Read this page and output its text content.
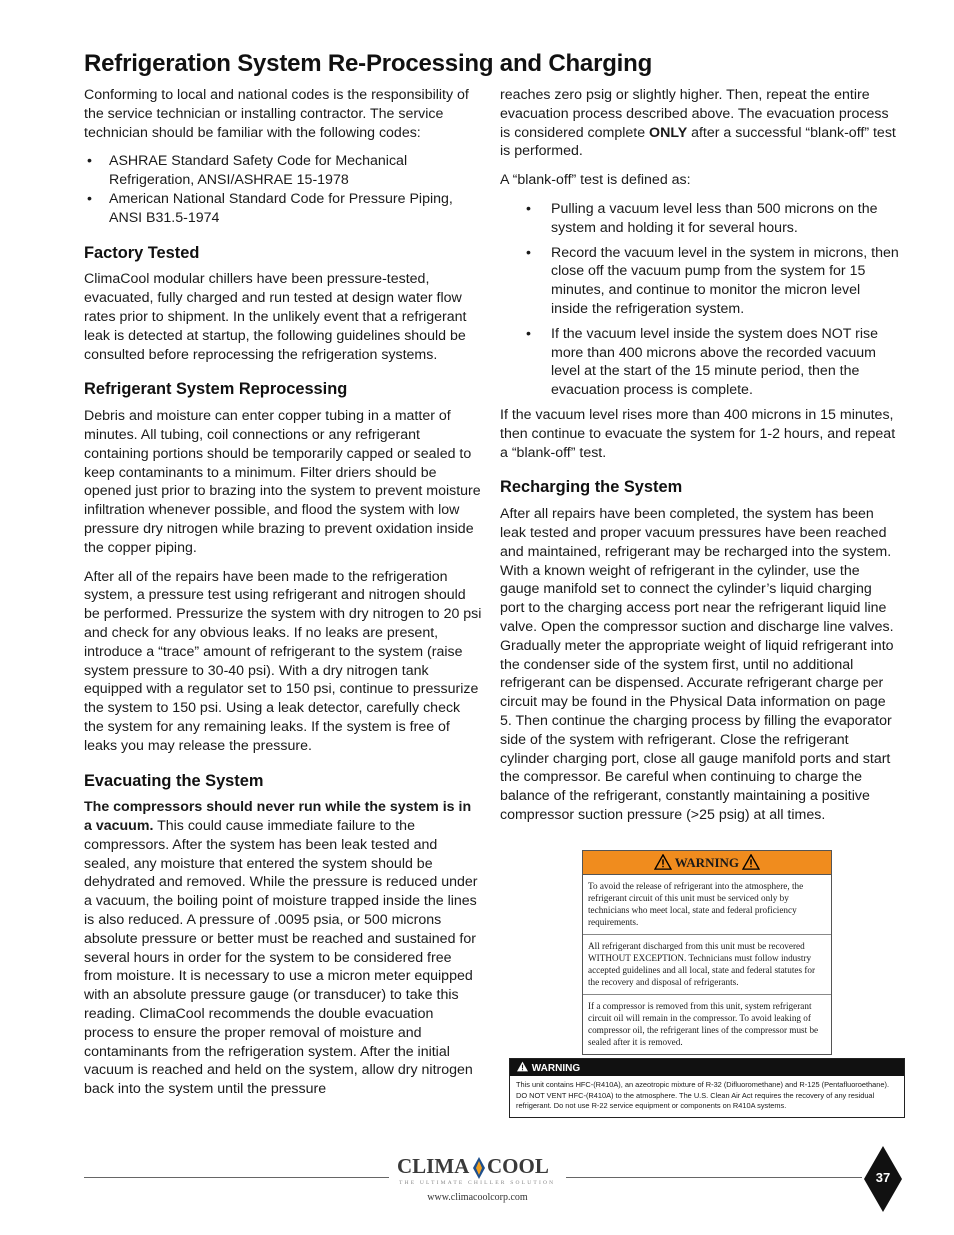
Refrigeration System Re-Processing and Charging

Conforming to local and national codes is the responsibility of the service technician or installing contractor. The service technician should be familiar with the following codes:

• ASHRAE Standard Safety Code for Mechanical Refrigeration, ANSI/ASHRAE 15-1978
• American National Standard Code for Pressure Piping, ANSI B31.5-1974
Factory Tested

ClimaCool modular chillers have been pressure-tested, evacuated, fully charged and run tested at design water flow rates prior to shipment. In the unlikely event that a refrigerant leak is detected at startup, the following guidelines should be consulted before reprocessing the refrigeration systems.

Refrigerant System Reprocessing

Debris and moisture can enter copper tubing in a matter of minutes. All tubing, coil connections or any refrigerant containing portions should be temporarily capped or sealed to keep contaminants to a minimum. Filter driers should be opened just prior to brazing into the system to prevent moisture infiltration whenever possible, and flood the system with low pressure dry nitrogen while brazing to prevent oxidation inside the copper piping.

After all of the repairs have been made to the refrigeration system, a pressure test using refrigerant and nitrogen should be performed. Pressurize the system with dry nitrogen to 20 psi and check for any obvious leaks. If no leaks are present, introduce a “trace” amount of refrigerant to the system (raise system pressure to 30-40 psi). With a dry nitrogen tank equipped with a regulator set to 150 psi, continue to pressurize the system to 150 psi. Using a leak detector, carefully check the system for any remaining leaks. If the system is free of leaks you may release the pressure.

Evacuating the System

The compressors should never run while the system is in a vacuum. This could cause immediate failure to the compressors. After the system has been leak tested and sealed, any moisture that entered the system should be dehydrated and removed. While the pressure is reduced under a vacuum, the boiling point of moisture trapped inside the lines is also reduced. A pressure of .0095 psia, or 500 microns absolute pressure or better must be reached and sustained for several hours in order for the system to be considered free from moisture. It is necessary to use a micron meter equipped with an absolute pressure gauge (or transducer) to take this reading. ClimaCool recommends the double evacuation process to ensure the proper removal of moisture and contaminants from the refrigeration system. After the initial vacuum is reached and held on the system, allow dry nitrogen back into the system until the pressure

reaches zero psig or slightly higher. Then, repeat the entire evacuation process described above. The evacuation process is considered complete ONLY after a successful “blank-off” test is performed.

A “blank-off” test is defined as:

• Pulling a vacuum level less than 500 microns on the system and holding it for several hours.
• Record the vacuum level in the system in microns, then close off the vacuum pump from the system for 15 minutes, and continue to monitor the micron level inside the refrigeration system.
• If the vacuum level inside the system does NOT rise more than 400 microns above the recorded vacuum level at the start of the 15 minute period, then the evacuation process is complete.

If the vacuum level rises more than 400 microns in 15 minutes, then continue to evacuate the system for 1-2 hours, and repeat a “blank-off” test.

Recharging the System

After all repairs have been completed, the system has been leak tested and proper vacuum pressures have been reached and maintained, refrigerant may be recharged into the system. With a known weight of refrigerant in the cylinder, use the gauge manifold set to connect the cylinder’s liquid charging port to the charging access port near the refrigerant liquid line valve. Open the compressor suction and discharge line valves. Gradually meter the appropriate weight of liquid refrigerant into the condenser side of the system first, until no additional refrigerant can be dispensed. Accurate refrigerant charge per circuit may be found in the Physical Data information on page 5. Then continue the charging process by filling the evaporator side of the system with refrigerant. Close the refrigerant cylinder charging port, close all gauge manifold ports and start the compressor. Be careful when continuing to charge the balance of the refrigerant, constantly maintaining a positive compressor suction pressure (>25 psig) at all times.

WARNING
To avoid the release of refrigerant into the atmosphere, the refrigerant circuit of this unit must be serviced only by technicians who meet local, state and federal proficiency requirements.
All refrigerant discharged from this unit must be recovered WITHOUT EXCEPTION. Technicians must follow industry accepted guidelines and all local, state and federal statutes for the recovery and disposal of refrigerants.
If a compressor is removed from this unit, system refrigerant circuit oil will remain in the compressor. To avoid leaking of compressor oil, the refrigerant lines of the compressor must be sealed after it is removed.
WARNING
This unit contains HFC-(R410A), an azeotropic mixture of R-32 (Difluoromethane) and R-125 (Pentafluoroethane). DO NOT VENT HFC-(R410A) to the atmosphere. The U.S. Clean Air Act requires the recovery of any residual refrigerant. Do not use R-22 service equipment or components on R410A systems.
CLIMA COOL
THE ULTIMATE CHILLER SOLUTION
www.climacoolcorp.com
37
